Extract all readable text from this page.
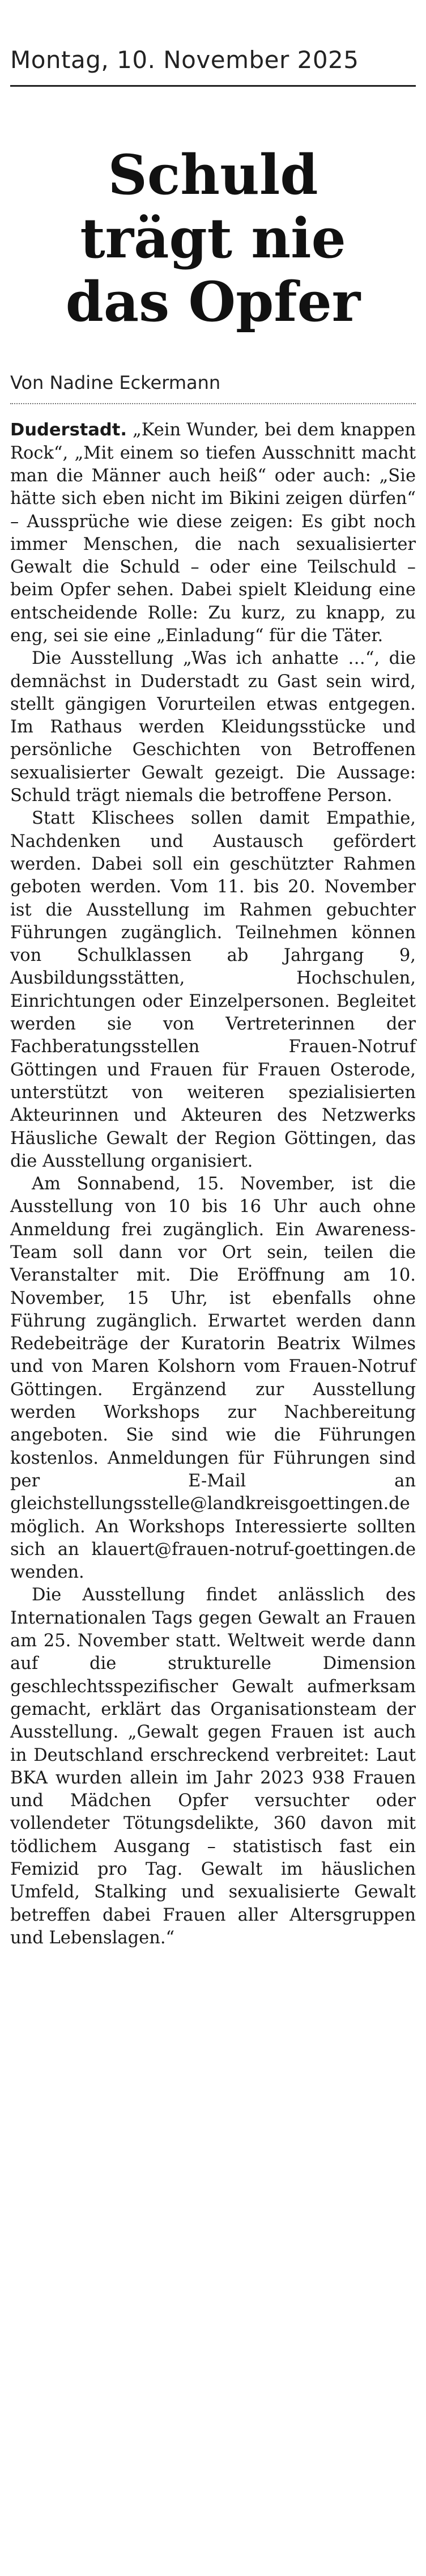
Montag, 10. November 2025
Schuld
trägt nie
das Opfer
Von Nadine Eckermann

Duderstadt. „Kein Wunder, bei dem knappen Rock“, „Mit einem so tiefen Ausschnitt macht man die Männer auch heiß“ oder auch: „Sie hätte sich eben nicht im Bikini zeigen dürfen“ – Aussprüche wie diese zeigen: Es gibt noch immer Menschen, die nach sexualisierter Gewalt die Schuld – oder eine Teilschuld – beim Opfer sehen. Dabei spielt Kleidung eine entscheidende Rolle: Zu kurz, zu knapp, zu eng, sei sie eine „Einladung“ für die Täter.

Die Ausstellung „Was ich anhatte …“, die demnächst in Duderstadt zu Gast sein wird, stellt gängigen Vorurteilen etwas entgegen. Im Rathaus werden Kleidungsstücke und persönliche Geschichten von Betroffenen sexualisierter Gewalt gezeigt. Die Aussage: Schuld trägt niemals die betroffene Person.

Statt Klischees sollen damit Empathie, Nachdenken und Austausch gefördert werden. Dabei soll ein geschützter Rahmen geboten werden. Vom 11. bis 20. November ist die Ausstellung im Rahmen gebuchter Führungen zugänglich. Teilnehmen können von Schulklassen ab Jahrgang 9, Ausbildungsstätten, Hochschulen, Einrichtungen oder Einzelpersonen. Begleitet werden sie von Vertreterinnen der Fachberatungsstellen Frauen-Notruf Göttingen und Frauen für Frauen Osterode, unterstützt von weiteren spezialisierten Akteurinnen und Akteuren des Netzwerks Häusliche Gewalt der Region Göttingen, das die Ausstellung organisiert.

Am Sonnabend, 15. November, ist die Ausstellung von 10 bis 16 Uhr auch ohne Anmeldung frei zugänglich. Ein Awareness-Team soll dann vor Ort sein, teilen die Veranstalter mit. Die Eröffnung am 10. November, 15 Uhr, ist ebenfalls ohne Führung zugänglich. Erwartet werden dann Redebeiträge der Kuratorin Beatrix Wilmes und von Maren Kolshorn vom Frauen-Notruf Göttingen. Ergänzend zur Ausstellung werden Workshops zur Nachbereitung angeboten. Sie sind wie die Führungen kostenlos. Anmeldungen für Führungen sind per E-Mail an gleichstellungsstelle@landkreisgoettingen.de möglich. An Workshops Interessierte sollten sich an klauert@frauen-notruf-goettingen.de wenden.

Die Ausstellung findet anlässlich des Internationalen Tags gegen Gewalt an Frauen am 25. November statt. Weltweit werde dann auf die strukturelle Dimension geschlechtsspezifischer Gewalt aufmerksam gemacht, erklärt das Organisationsteam der Ausstellung. „Gewalt gegen Frauen ist auch in Deutschland erschreckend verbreitet: Laut BKA wurden allein im Jahr 2023 938 Frauen und Mädchen Opfer versuchter oder vollendeter Tötungsdelikte, 360 davon mit tödlichem Ausgang – statistisch fast ein Femizid pro Tag. Gewalt im häuslichen Umfeld, Stalking und sexualisierte Gewalt betreffen dabei Frauen aller Altersgruppen und Lebenslagen.“
